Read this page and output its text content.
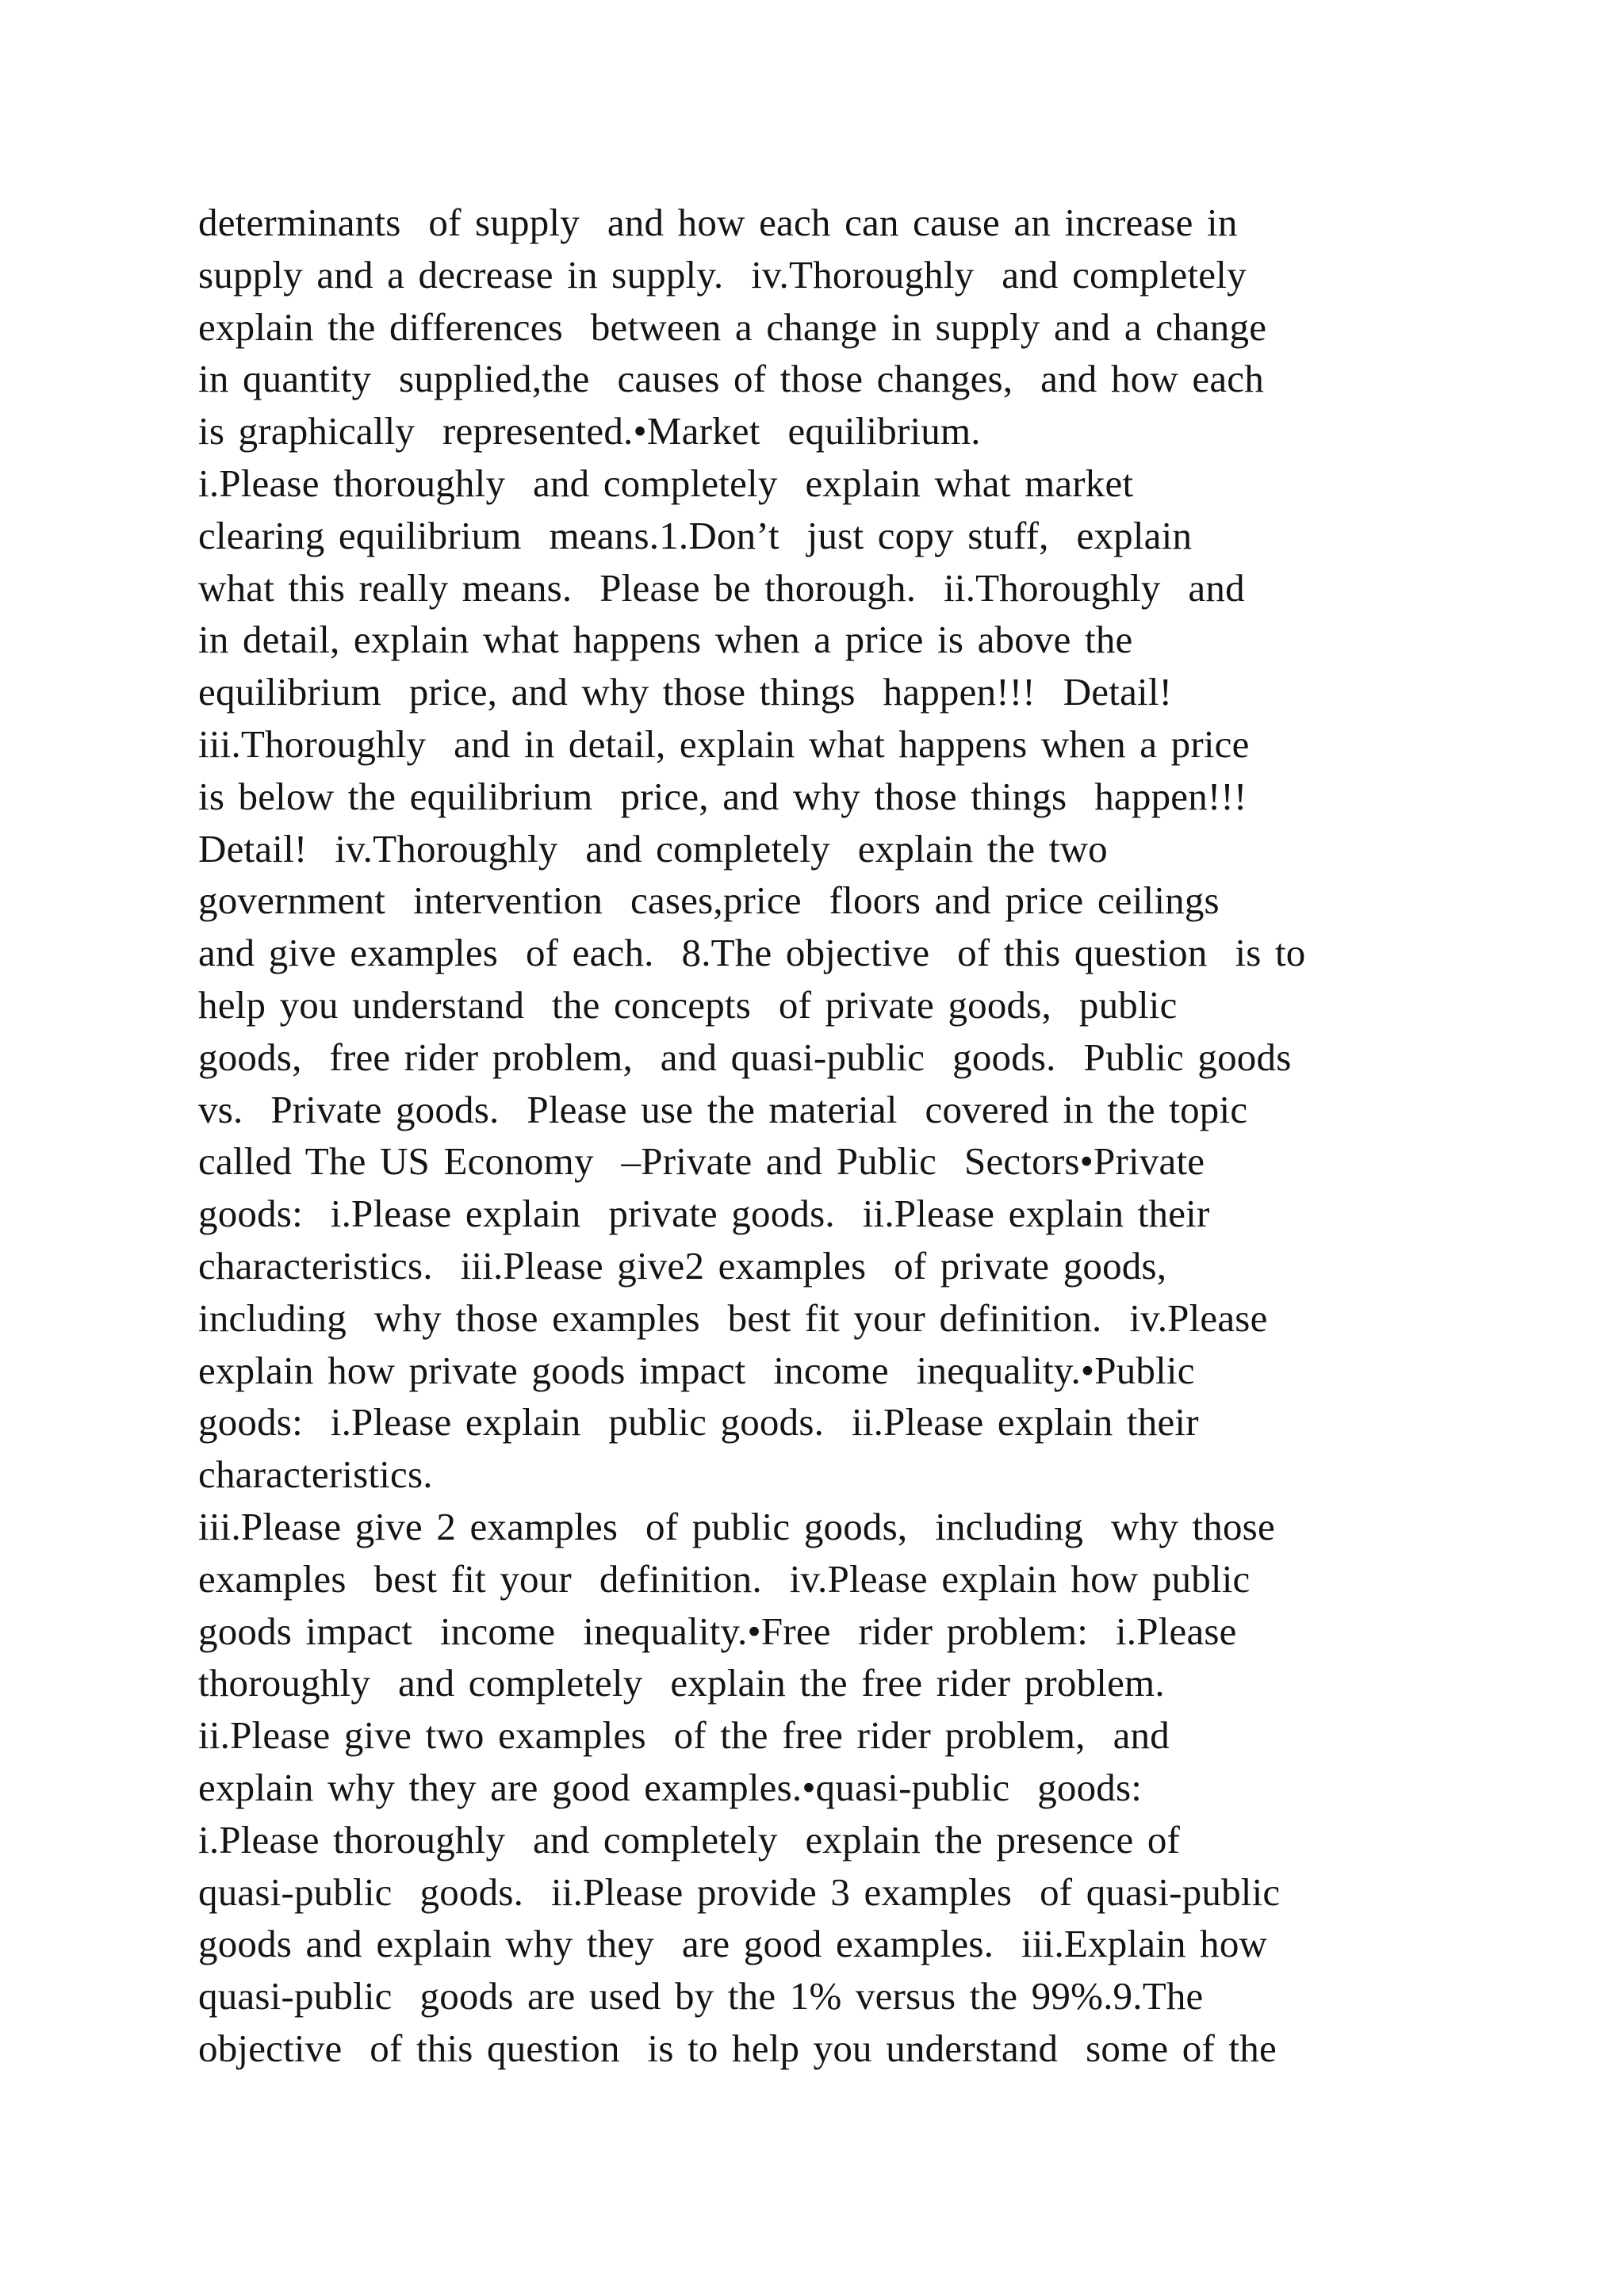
determinants  of supply  and how each can cause an increase in
supply and a decrease in supply.  iv.Thoroughly  and completely
explain the differences  between a change in supply and a change
in quantity  supplied,the  causes of those changes,  and how each
is graphically  represented.•Market  equilibrium.
i.Please thoroughly  and completely  explain what market
clearing equilibrium  means.1.Don’t  just copy stuff,  explain
what this really means.  Please be thorough.  ii.Thoroughly  and
in detail, explain what happens when a price is above the
equilibrium  price, and why those things  happen!!!  Detail!
iii.Thoroughly  and in detail, explain what happens when a price
is below the equilibrium  price, and why those things  happen!!!
Detail!  iv.Thoroughly  and completely  explain the two
government  intervention  cases,price  floors and price ceilings
and give examples  of each.  8.The objective  of this question  is to
help you understand  the concepts  of private goods,  public
goods,  free rider problem,  and quasi-public  goods.  Public goods
vs.  Private goods.  Please use the material  covered in the topic
called The US Economy  –Private and Public  Sectors•Private
goods:  i.Please explain  private goods.  ii.Please explain their
characteristics.  iii.Please give2 examples  of private goods,
including  why those examples  best fit your definition.  iv.Please
explain how private goods impact  income  inequality.•Public
goods:  i.Please explain  public goods.  ii.Please explain their
characteristics.
iii.Please give 2 examples  of public goods,  including  why those
examples  best fit your  definition.  iv.Please explain how public
goods impact  income  inequality.•Free  rider problem:  i.Please
thoroughly  and completely  explain the free rider problem.
ii.Please give two examples  of the free rider problem,  and
explain why they are good examples.•quasi-public  goods:
i.Please thoroughly  and completely  explain the presence of
quasi-public  goods.  ii.Please provide 3 examples  of quasi-public
goods and explain why they  are good examples.  iii.Explain how
quasi-public  goods are used by the 1% versus the 99%.9.The
objective  of this question  is to help you understand  some of the
